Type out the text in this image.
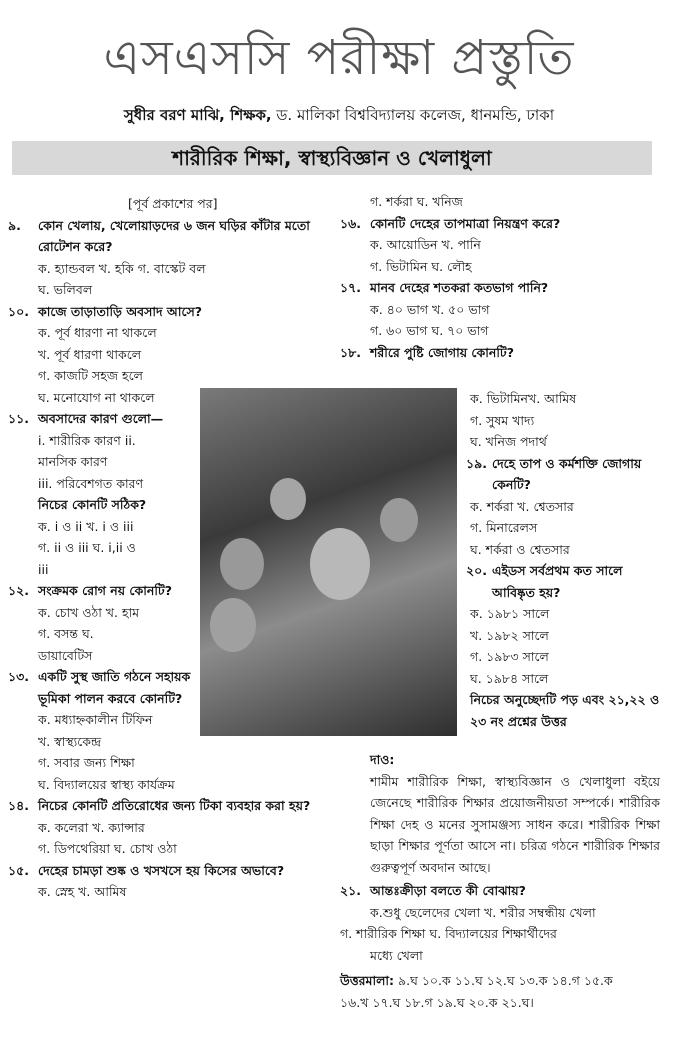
এসএসসি পরীক্ষা প্রস্তুতি
সুধীর বরণ মাঝি, শিক্ষক, ড. মালিকা বিশ্ববিদ্যালয় কলেজ, ধানমন্ডি, ঢাকা
শারীরিক শিক্ষা, স্বাস্থ্যবিজ্ঞান ও খেলাধুলা
[পূর্ব প্রকাশের পর]
৯.	কোন খেলায়, খেলোয়াড়দের ৬ জন ঘড়ির কাঁটার মতো রোটেশন করে?
ক. হ্যান্ডবল খ. হকি গ. বাস্কেট বল
ঘ. ভলিবল
১০. কাজে তাড়াতাড়ি অবসাদ আসে?
ক. পূর্ব ধারণা না থাকলে
খ. পূর্ব ধারণা থাকলে
গ. কাজটি সহজ হলে
ঘ. মনোযোগ না থাকলে
১১. অবসাদের কারণ গুলো—
i. শারীরিক কারণ ii.
মানসিক কারণ
iii. পরিবেশগত কারণ
নিচের কোনটি সঠিক?
ক. i ও ii খ. i ও iii
গ. ii ও iii ঘ. i,ii ও
iii
১২. সংক্রমক রোগ নয় কোনটি?
ক. চোখ ওঠা খ. হাম
গ. বসন্ত ঘ.
ডায়াবেটিস
১৩. একটি সুস্থ জাতি গঠনে সহায়ক ভূমিকা পালন করবে কোনটি?
ক. মধ্যাহ্নকালীন টিফিন
খ. স্বাস্থ্যকেন্দ্র
গ. সবার জন্য শিক্ষা
ঘ. বিদ্যালয়ের স্বাস্থ্য কার্যক্রম
১৪. নিচের কোনটি প্রতিরোধের জন্য টিকা ব্যবহার করা হয়?
ক. কলেরা খ. ক্যান্সার
গ. ডিপথেরিয়া ঘ. চোখ ওঠা
১৫. দেহের চামড়া শুষ্ক ও খসখসে হয় কিসের অভাবে?
ক. স্নেহ খ. আমিষ
গ. শর্করা ঘ. খনিজ
১৬. কোনটি দেহের তাপমাত্রা নিয়ন্ত্রণ করে?
ক. আয়োডিন খ. পানি
গ. ভিটামিন ঘ. লৌহ
১৭. মানব দেহের শতকরা কতভাগ পানি?
ক. ৪০ ভাগ খ. ৫০ ভাগ
গ. ৬০ ভাগ ঘ. ৭০ ভাগ
১৮. শরীরে পুষ্টি জোগায় কোনটি?
ক. ভিটামিনখ. আমিষ
গ. সুষম খাদ্য
ঘ. খনিজ পদার্থ
১৯. দেহে তাপ ও কর্মশক্তি জোগায় কেনটি?
ক. শর্করা খ. শ্বেতসার
গ. মিনারেলস
ঘ. শর্করা ও শ্বেতসার
২০. এইডস সর্বপ্রথম কত সালে আবিষ্কৃত হয়?
ক. ১৯৮১ সালে
খ. ১৯৮২ সালে
গ. ১৯৮৩ সালে
ঘ. ১৯৮৪ সালে
নিচের অনুচ্ছেদটি পড় এবং ২১,২২ ও ২৩ নং প্রশ্নের উত্তর
দাও:
শামীম শারীরিক শিক্ষা, স্বাস্থ্যবিজ্ঞান ও খেলাধুলা বইয়ে জেনেছে শারীরিক শিক্ষার প্রয়োজনীয়তা সম্পর্কে। শারীরিক শিক্ষা দেহ ও মনের সুসামঞ্জস্য সাধন করে। শারীরিক শিক্ষা ছাড়া শিক্ষার পূর্ণতা আসে না। চরিত্র গঠনে শারীরিক শিক্ষার গুরুত্বপূর্ণ অবদান আছে।
২১. আন্তঃক্রীড়া বলতে কী বোঝায়?
ক.শুধু ছেলেদের খেলা খ. শরীর সম্বন্ধীয় খেলা
গ. শারীরিক শিক্ষা ঘ. বিদ্যালয়ের শিক্ষার্থীদের
মধ্যে খেলা
উত্তরমালা: ৯.ঘ ১০.ক ১১.ঘ ১২.ঘ ১৩.ক ১৪.গ ১৫.ক
১৬.খ ১৭.ঘ ১৮.গ ১৯.ঘ ২০.ক ২১.ঘ।
